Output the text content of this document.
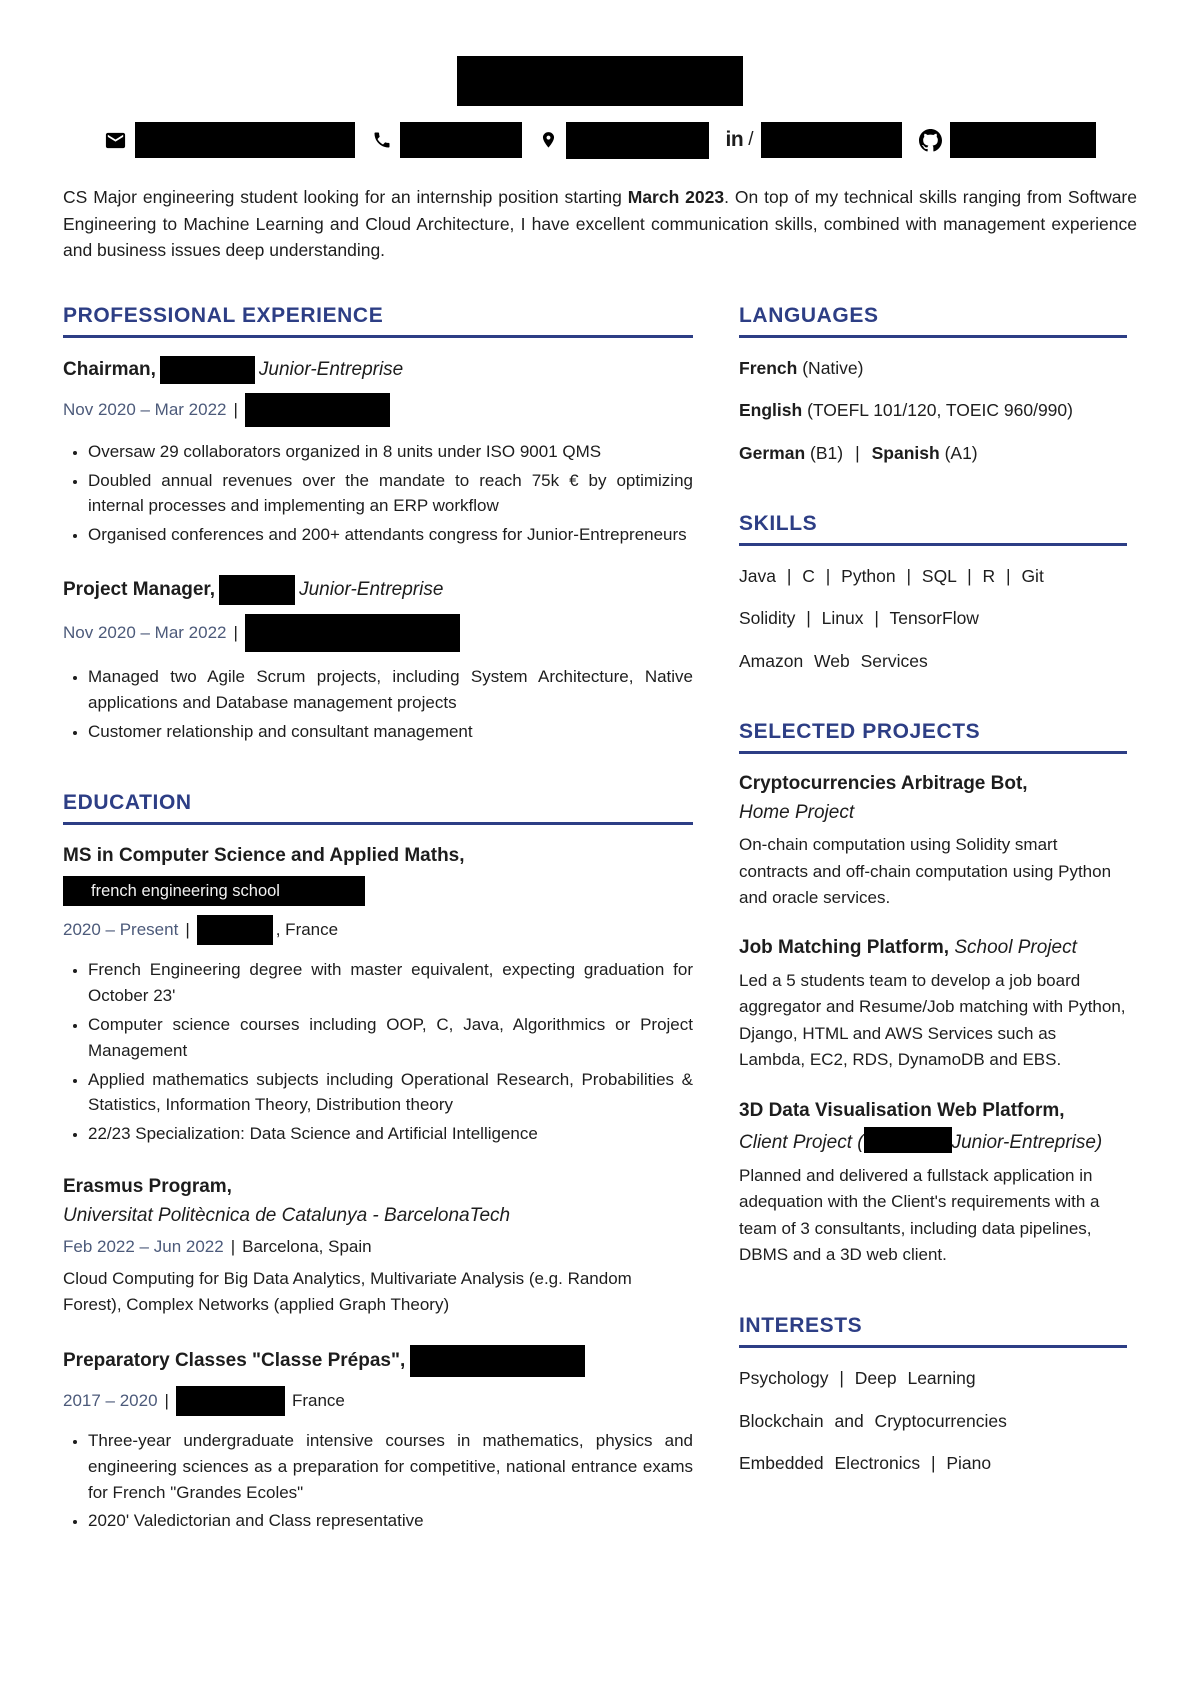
in /

CS Major engineering student looking for an internship position starting March 2023. On top of my technical skills ranging from Software Engineering to Machine Learning and Cloud Architecture, I have excellent communication skills, combined with management experience and business issues deep understanding.

PROFESSIONAL EXPERIENCE
Chairman,	Junior-Entreprise
Nov 2020 – Mar 2022 |
• Oversaw 29 collaborators organized in 8 units under ISO 9001 QMS
• Doubled annual revenues over the mandate to reach 75k € by optimizing internal processes and implementing an ERP workflow
• Organised conferences and 200+ attendants congress for Junior-Entrepreneurs
Project Manager,	Junior-Entreprise
Nov 2020 – Mar 2022 |
• Managed two Agile Scrum projects, including System Architecture, Native applications and Database management projects
• Customer relationship and consultant management
EDUCATION
MS in Computer Science and Applied Maths,
french engineering school
2020 – Present |	, France
• French Engineering degree with master equivalent, expecting graduation for October 23'
• Computer science courses including OOP, C, Java, Algorithmics or Project Management
• Applied mathematics subjects including Operational Research, Probabilities & Statistics, Information Theory, Distribution theory
• 22/23 Specialization: Data Science and Artificial Intelligence
Erasmus Program,
Universitat Politècnica de Catalunya - BarcelonaTech
Feb 2022 – Jun 2022 | Barcelona, Spain
Cloud Computing for Big Data Analytics, Multivariate Analysis (e.g. Random Forest), Complex Networks (applied Graph Theory)
Preparatory Classes "Classe Prépas",
2017 – 2020 |	France
• Three-year undergraduate intensive courses in mathematics, physics and engineering sciences as a preparation for competitive, national entrance exams for French "Grandes Ecoles"
• 2020' Valedictorian and Class representative
LANGUAGES
French (Native)
English (TOEFL 101/120, TOEIC 960/990)
German (B1) | Spanish (A1)
SKILLS
Java | C | Python | SQL | R | Git
Solidity | Linux | TensorFlow
Amazon Web Services
SELECTED PROJECTS
Cryptocurrencies Arbitrage Bot,
Home Project
On-chain computation using Solidity smart contracts and off-chain computation using Python and oracle services.
Job Matching Platform, School Project
Led a 5 students team to develop a job board aggregator and Resume/Job matching with Python, Django, HTML and AWS Services such as Lambda, EC2, RDS, DynamoDB and EBS.
3D Data Visualisation Web Platform,
Client Project (	Junior-Entreprise)
Planned and delivered a fullstack application in adequation with the Client's requirements with a team of 3 consultants, including data pipelines, DBMS and a 3D web client.
INTERESTS
Psychology | Deep Learning
Blockchain and Cryptocurrencies
Embedded Electronics | Piano
